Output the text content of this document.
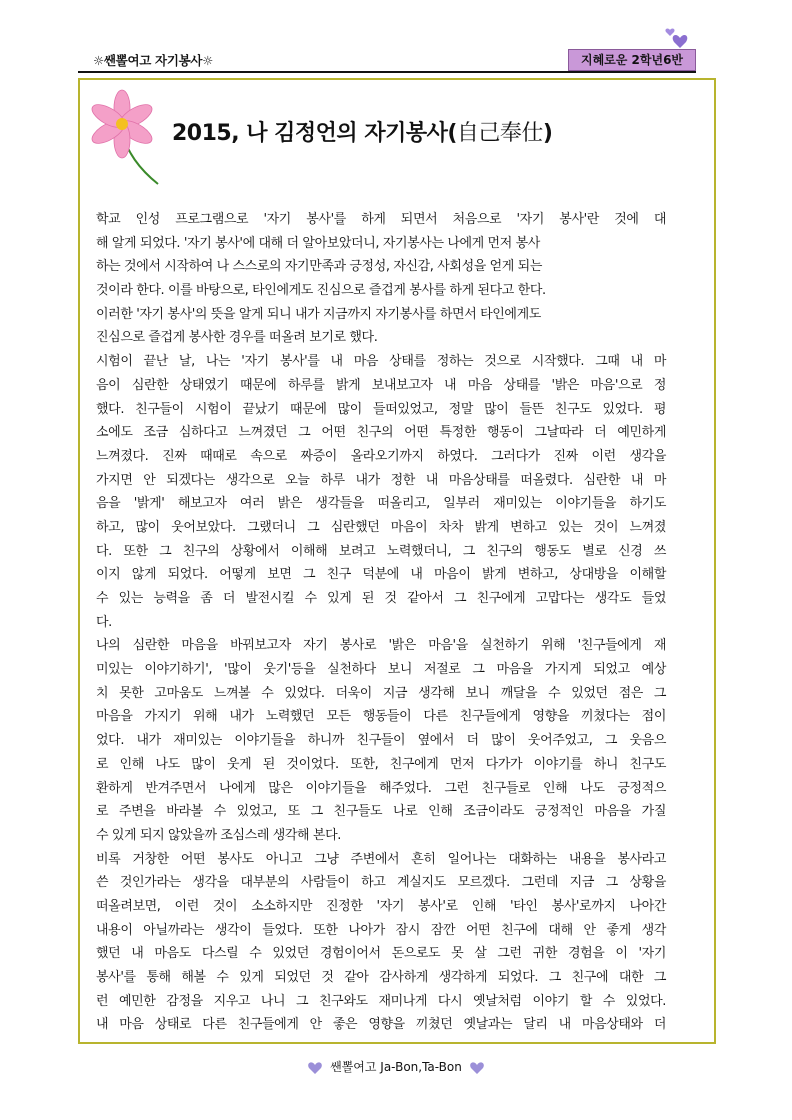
☼쌘뽈여고 자기봉사☼	지혜로운 2학년6반
2015, 나 김정언의 자기봉사(自己奉仕)
학교 인성 프로그램으로 '자기 봉사'를 하게 되면서 처음으로 '자기 봉사'란 것에 대
해 알게 되었다. '자기 봉사'에 대해 더 알아보았더니, 자기봉사는 나에게 먼저 봉사
하는 것에서 시작하여 나 스스로의 자기만족과 긍정성, 자신감, 사회성을 얻게 되는
것이라 한다. 이를 바탕으로, 타인에게도 진심으로 즐겁게 봉사를 하게 된다고 한다.
이러한 '자기 봉사'의 뜻을 알게 되니 내가 지금까지 자기봉사를 하면서 타인에게도
진심으로 즐겁게 봉사한 경우를 떠올려 보기로 했다.
시험이 끝난 날, 나는 '자기 봉사'를 내 마음 상태를 정하는 것으로 시작했다. 그때 내 마
음이 심란한 상태였기 때문에 하루를 밝게 보내보고자 내 마음 상태를 '밝은 마음'으로 정
했다. 친구들이 시험이 끝났기 때문에 많이 들떠있었고, 정말 많이 들뜬 친구도 있었다. 평
소에도 조금 심하다고 느껴졌던 그 어떤 친구의 어떤 특정한 행동이 그날따라 더 예민하게
느껴졌다. 진짜 때때로 속으로 짜증이 올라오기까지 하였다. 그러다가 진짜 이런 생각을
가지면 안 되겠다는 생각으로 오늘 하루 내가 정한 내 마음상태를 떠올렸다. 심란한 내 마
음을 '밝게' 해보고자 여러 밝은 생각들을 떠올리고, 일부러 재미있는 이야기들을 하기도
하고, 많이 웃어보았다. 그랬더니 그 심란했던 마음이 차차 밝게 변하고 있는 것이 느껴졌
다. 또한 그 친구의 상황에서 이해해 보려고 노력했더니, 그 친구의 행동도 별로 신경 쓰
이지 않게 되었다. 어떻게 보면 그 친구 덕분에 내 마음이 밝게 변하고, 상대방을 이해할
수 있는 능력을 좀 더 발전시킬 수 있게 된 것 같아서 그 친구에게 고맙다는 생각도 들었
다.
나의 심란한 마음을 바꿔보고자 자기 봉사로 '밝은 마음'을 실천하기 위해 '친구들에게 재
미있는 이야기하기', '많이 웃기'등을 실천하다 보니 저절로 그 마음을 가지게 되었고 예상
치 못한 고마움도 느껴볼 수 있었다. 더욱이 지금 생각해 보니 깨달을 수 있었던 점은 그
마음을 가지기 위해 내가 노력했던 모든 행동들이 다른 친구들에게 영향을 끼쳤다는 점이
었다. 내가 재미있는 이야기들을 하니까 친구들이 옆에서 더 많이 웃어주었고, 그 웃음으
로 인해 나도 많이 웃게 된 것이었다. 또한, 친구에게 먼저 다가가 이야기를 하니 친구도
환하게 반겨주면서 나에게 많은 이야기들을 해주었다. 그런 친구들로 인해 나도 긍정적으
로 주변을 바라볼 수 있었고, 또 그 친구들도 나로 인해 조금이라도 긍정적인 마음을 가질
수 있게 되지 않았을까 조심스레 생각해 본다.
비록 거창한 어떤 봉사도 아니고 그냥 주변에서 흔히 일어나는 대화하는 내용을 봉사라고
쓴 것인가라는 생각을 대부분의 사람들이 하고 계실지도 모르겠다. 그런데 지금 그 상황을
떠올려보면, 이런 것이 소소하지만 진정한 '자기 봉사'로 인해 '타인 봉사'로까지 나아간
내용이 아닐까라는 생각이 들었다. 또한 나아가 잠시 잠깐 어떤 친구에 대해 안 좋게 생각
했던 내 마음도 다스릴 수 있었던 경험이어서 돈으로도 못 살 그런 귀한 경험을 이 '자기
봉사'를 통해 해볼 수 있게 되었던 것 같아 감사하게 생각하게 되었다. 그 친구에 대한 그
런 예민한 감정을 지우고 나니 그 친구와도 재미나게 다시 옛날처럼 이야기 할 수 있었다.
내 마음 상태로 다른 친구들에게 안 좋은 영향을 끼쳤던 옛날과는 달리 내 마음상태와 더
쌘뽈여고 Ja-Bon,Ta-Bon
